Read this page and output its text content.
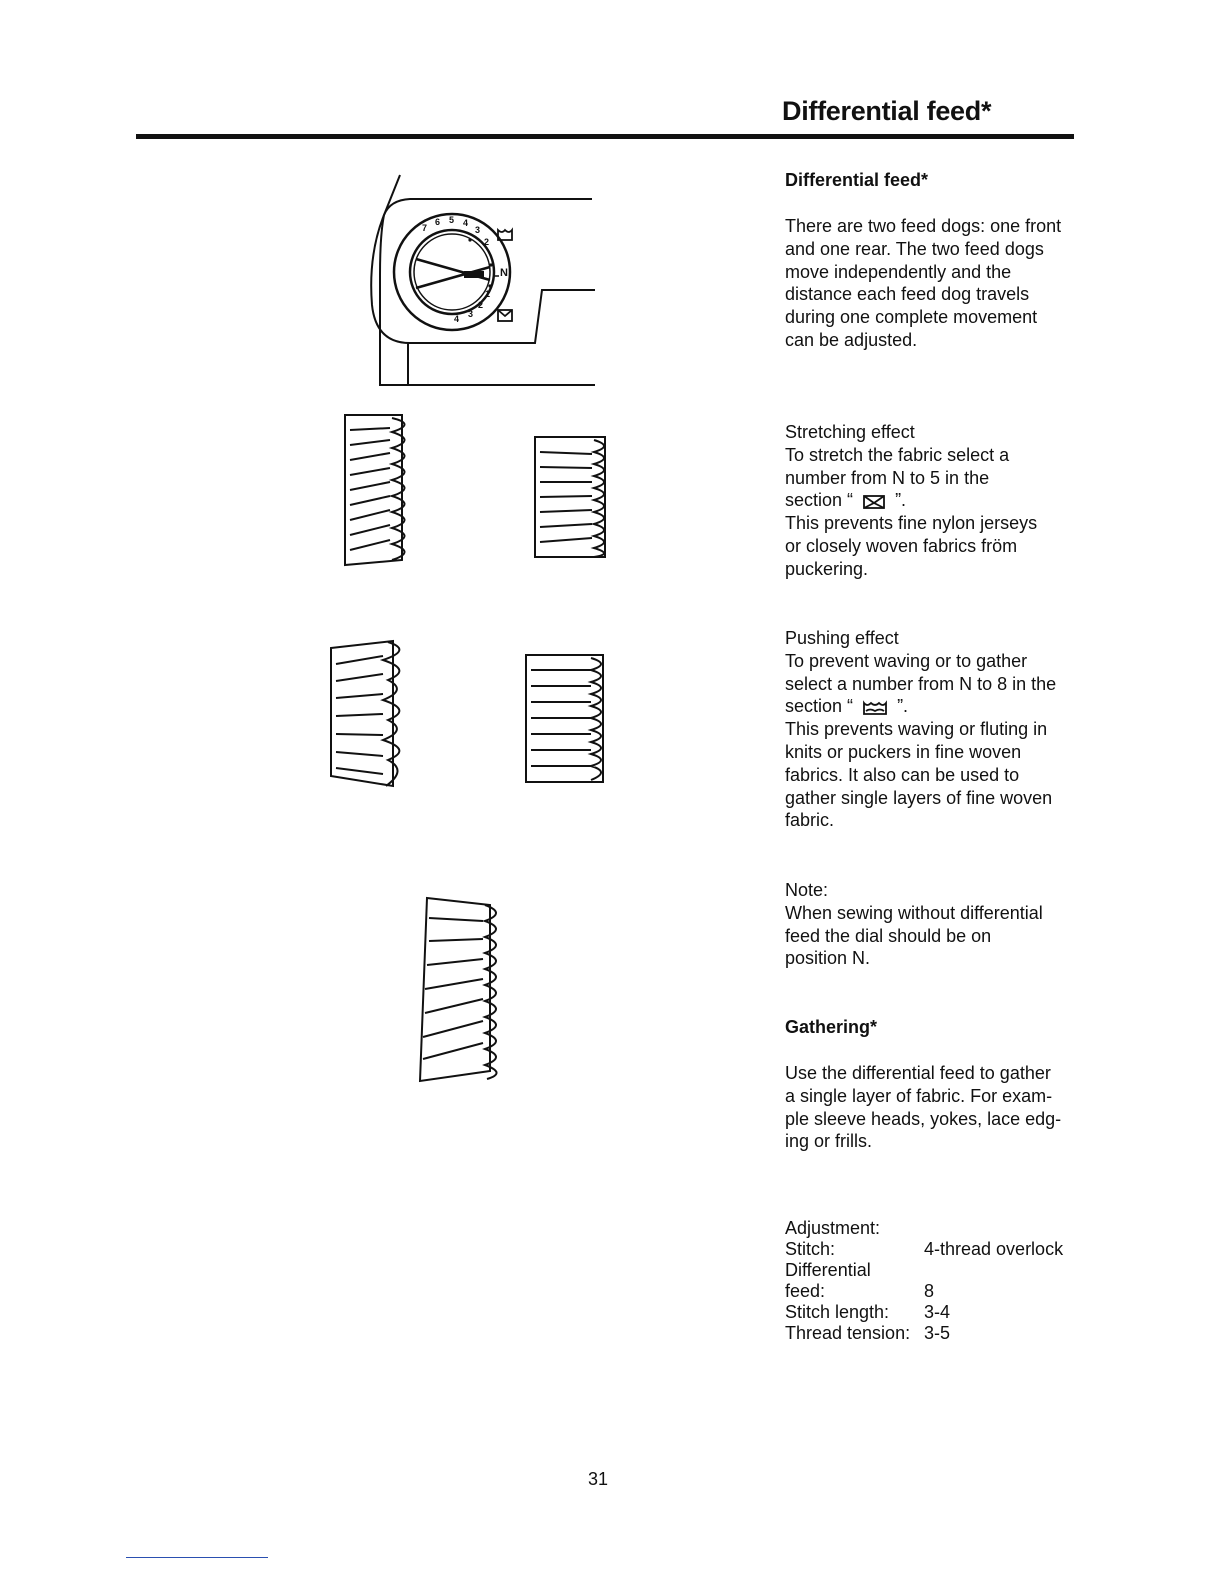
Differential feed*
7
6 5 4
3
2
N
1
2
3
4
Differential feed*

There are two feed dogs: one front

and one rear. The two feed dogs

move independently and the

distance each feed dog travels

during one complete movement

can be adjusted.

Stretching effect

To stretch the fabric select a

number from N to 5 in the

section “ ”.

This prevents fine nylon jerseys

or closely woven fabrics fröm

puckering.

Pushing effect

To prevent waving or to gather

select a number from N to 8 in the

section “ ”.

This prevents waving or fluting in

knits or puckers in fine woven

fabrics. It also can be used to

gather single layers of fine woven

fabric.

Note:

When sewing without differential

feed the dial should be on

position N.

Gathering*

Use the differential feed to gather

a single layer of fabric. For exam-

ple sleeve heads, yokes, lace edg-

ing or frills.

Adjustment:
Stitch:	4-thread overlock
Differential
feed:	8
Stitch length: 3-4
Thread tension: 3-5
31
